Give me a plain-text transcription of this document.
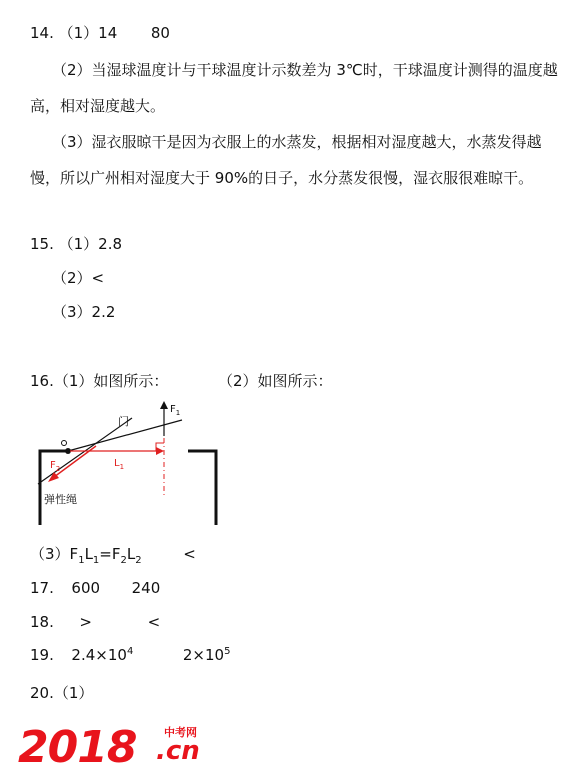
14. （1）14 80
（2）当湿球温度计与干球温度计示数差为 3℃时，干球温度计测得的温度越
高，相对湿度越大。
（3）湿衣服晾干是因为衣服上的水蒸发，根据相对湿度越大，水蒸发得越
慢，所以广州相对湿度大于 90%的日子，水分蒸发很慢，湿衣服很难晾干。
15. （1）2.8
（2）<
（3）2.2
16.（1）如图所示：	（2）如图所示：
门
$F_1$
$F_2$	$L_1$
弹性绳
$(3)F_1L_1=F_2L_2$	<
17. 600 240
18. >	<
19. $2.4\times 10^4$	$2\times 10^5$
20.（1）
2018	中考网
.cn
